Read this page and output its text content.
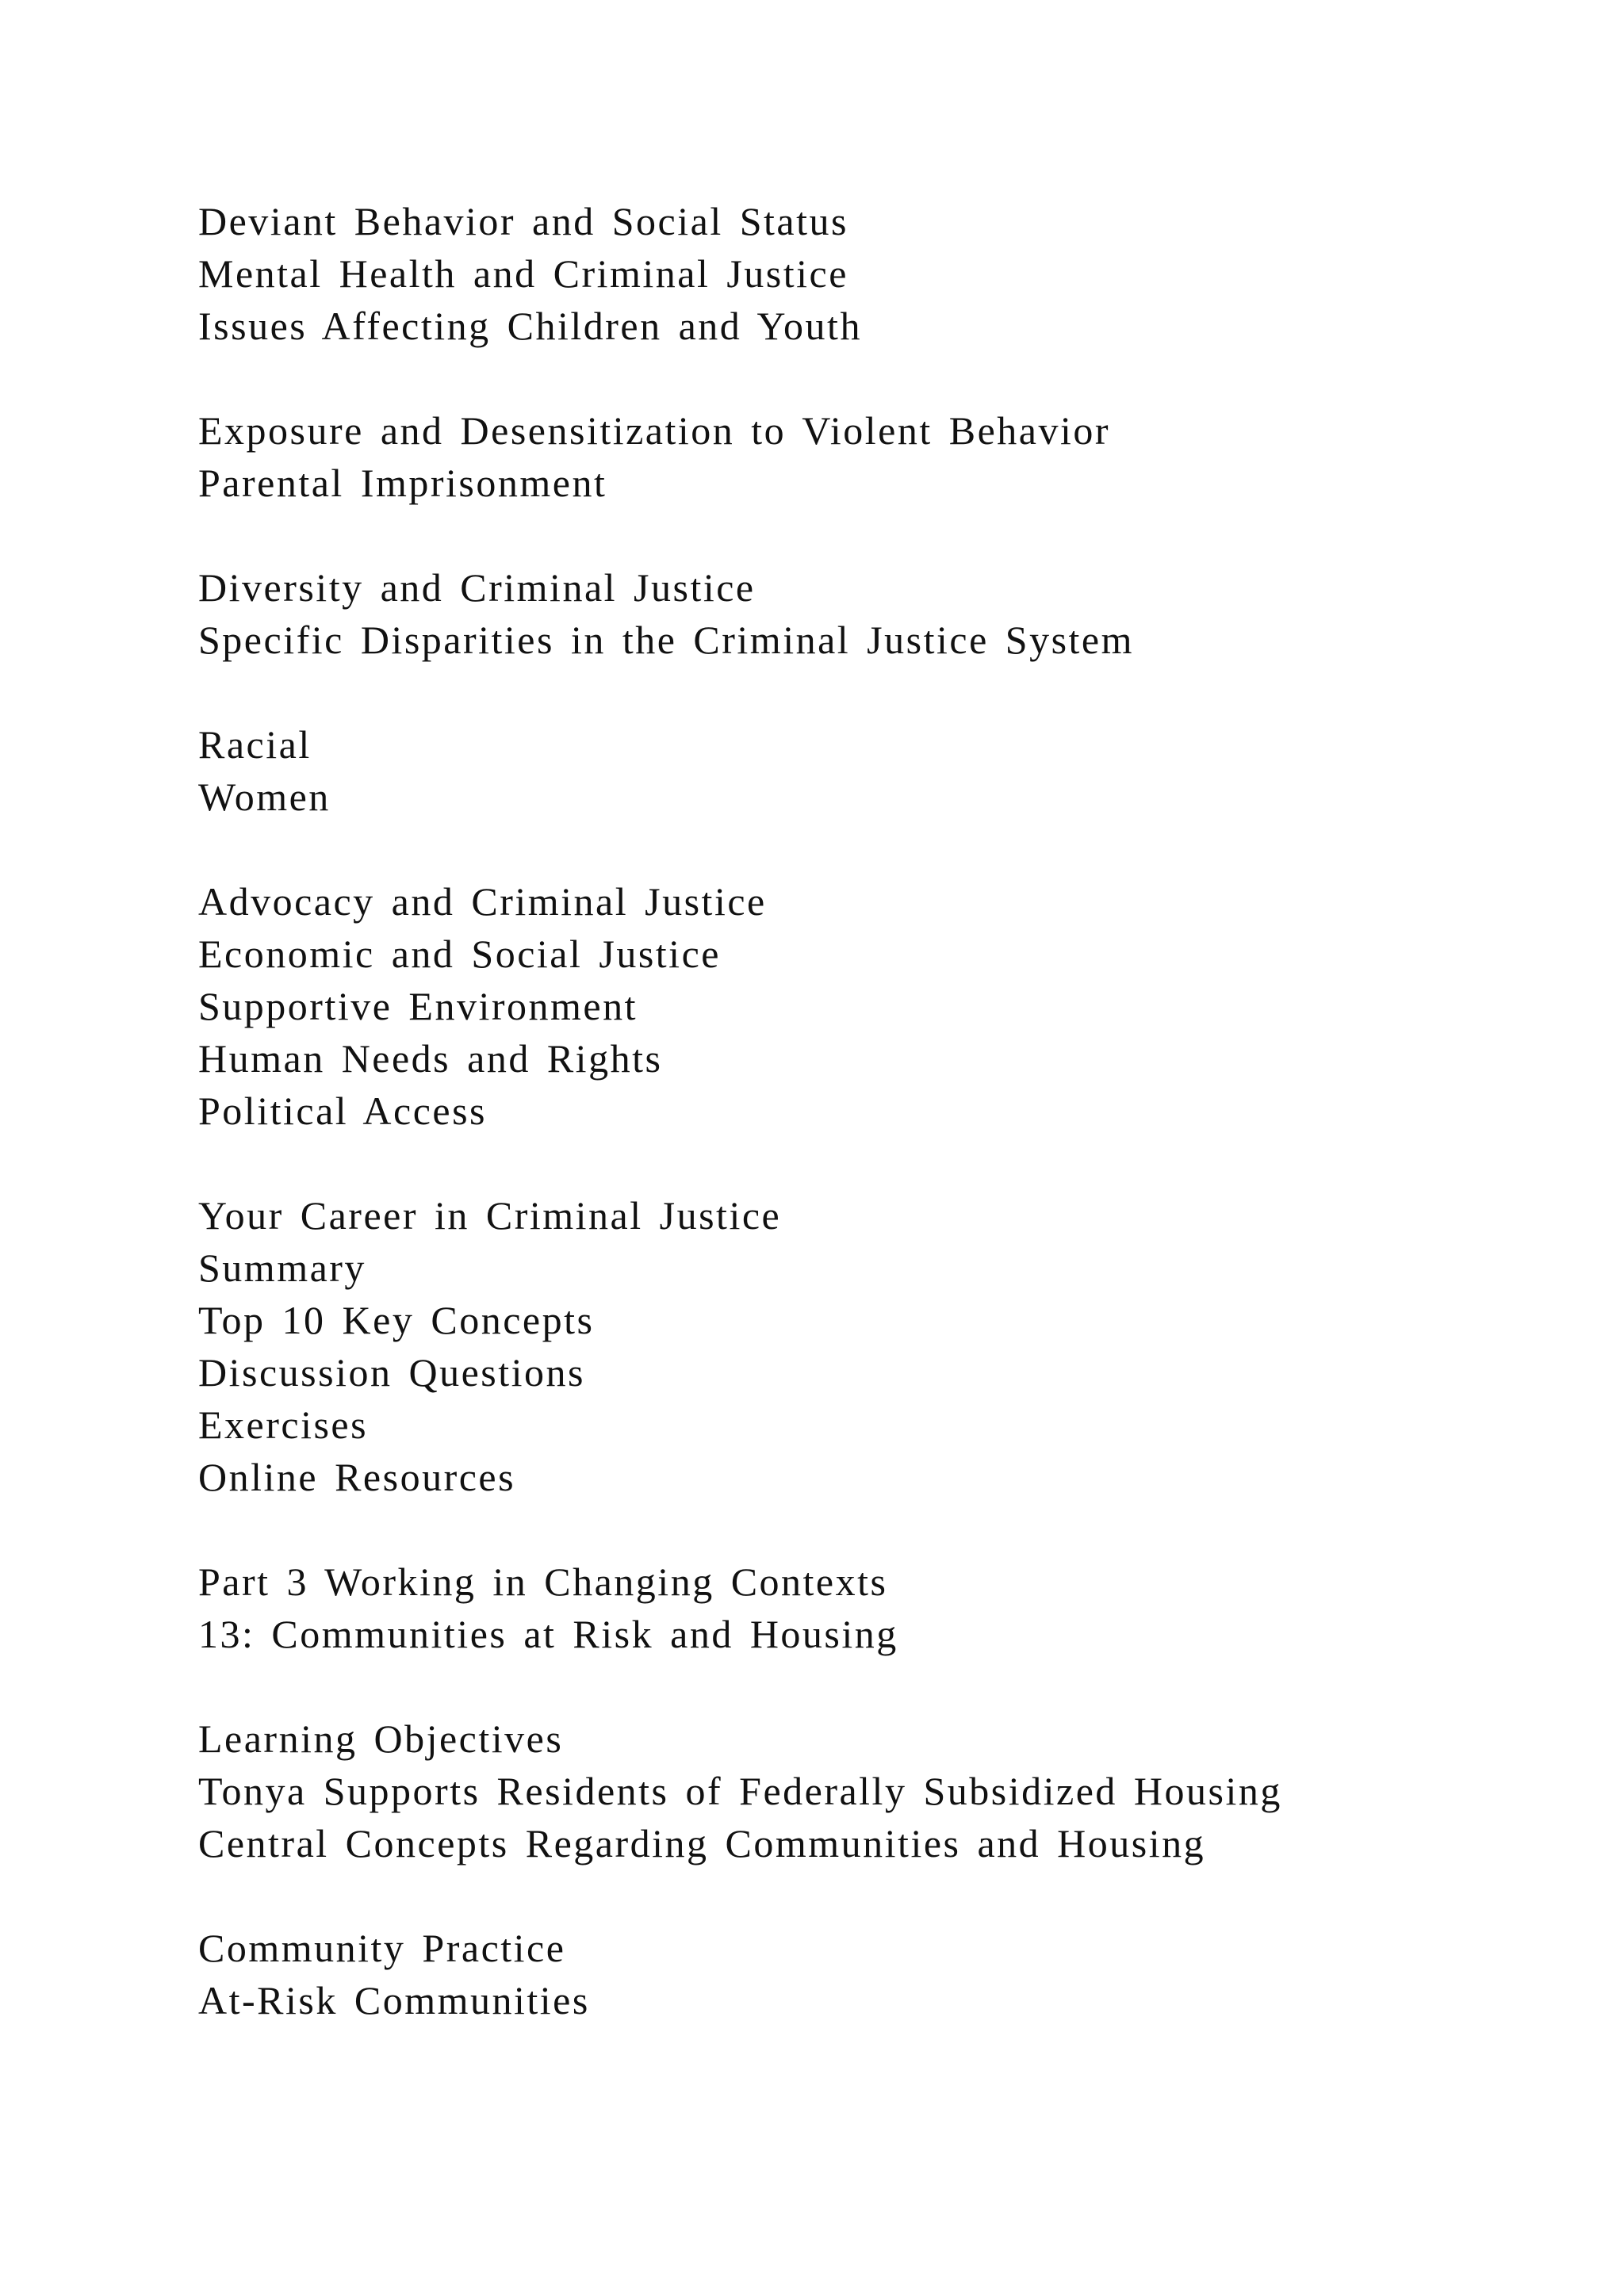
Deviant Behavior and Social Status
Mental Health and Criminal Justice
Issues Affecting Children and Youth
Exposure and Desensitization to Violent Behavior
Parental Imprisonment
Diversity and Criminal Justice
Specific Disparities in the Criminal Justice System
Racial
Women
Advocacy and Criminal Justice
Economic and Social Justice
Supportive Environment
Human Needs and Rights
Political Access
Your Career in Criminal Justice
Summary
Top 10 Key Concepts
Discussion Questions
Exercises
Online Resources
Part 3 Working in Changing Contexts
13: Communities at Risk and Housing
Learning Objectives
Tonya Supports Residents of Federally Subsidized Housing
Central Concepts Regarding Communities and Housing
Community Practice
At-Risk Communities
